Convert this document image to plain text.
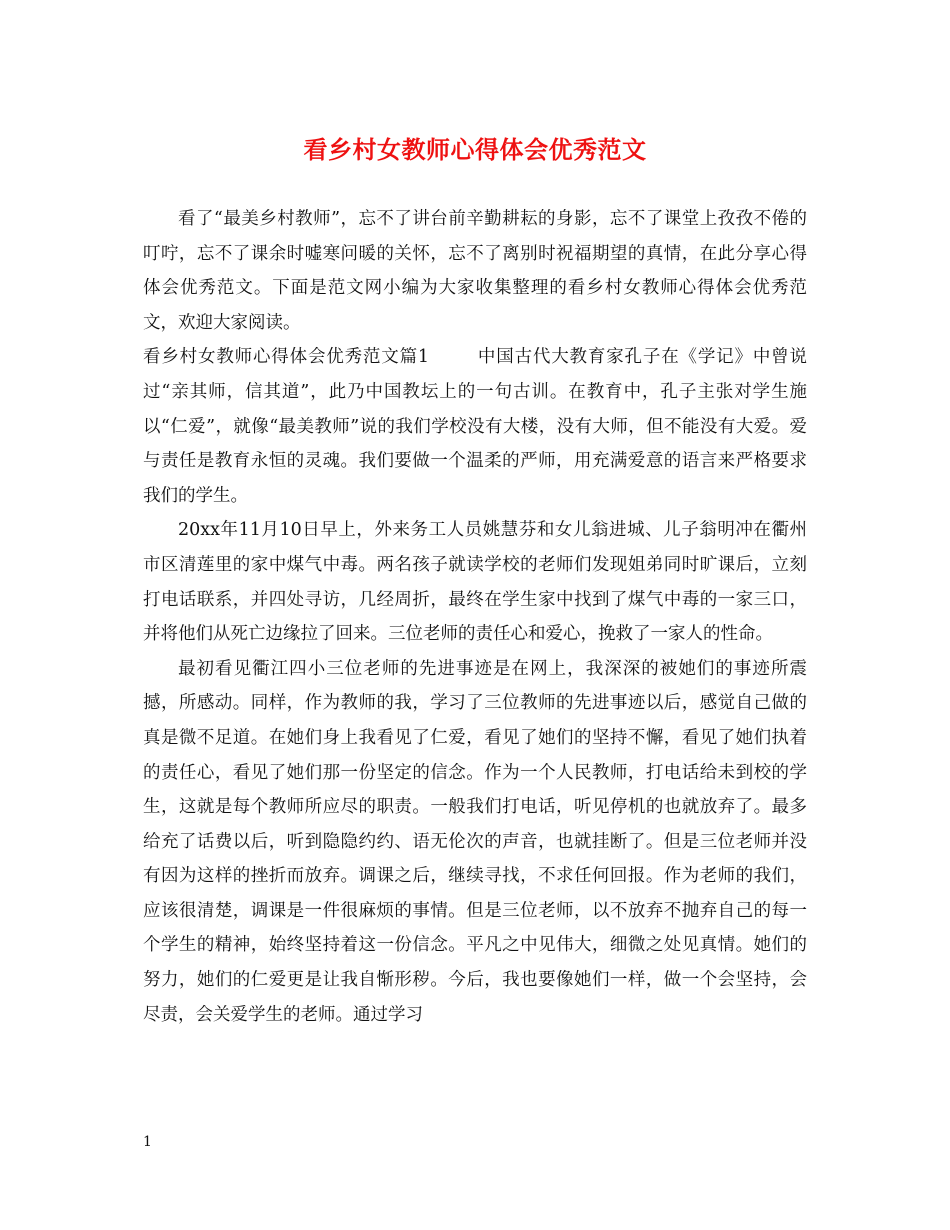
看乡村女教师心得体会优秀范文

看了“最美乡村教师”，忘不了讲台前辛勤耕耘的身影，忘不了课堂上孜孜不倦的叮咛，忘不了课余时嘘寒问暖的关怀，忘不了离别时祝福期望的真情，在此分享心得体会优秀范文。下面是范文网小编为大家收集整理的看乡村女教师心得体会优秀范文，欢迎大家阅读。

看乡村女教师心得体会优秀范文篇1	中国古代大教育家孔子在《学记》中曾说过“亲其师，信其道”，此乃中国教坛上的一句古训。在教育中，孔子主张对学生施以“仁爱”，就像“最美教师”说的我们学校没有大楼，没有大师，但不能没有大爱。爱与责任是教育永恒的灵魂。我们要做一个温柔的严师，用充满爱意的语言来严格要求我们的学生。

20xx年11月10日早上，外来务工人员姚慧芬和女儿翁进城、儿子翁明冲在衢州市区清莲里的家中煤气中毒。两名孩子就读学校的老师们发现姐弟同时旷课后，立刻打电话联系，并四处寻访，几经周折，最终在学生家中找到了煤气中毒的一家三口，并将他们从死亡边缘拉了回来。三位老师的责任心和爱心，挽救了一家人的性命。

最初看见衢江四小三位老师的先进事迹是在网上，我深深的被她们的事迹所震撼，所感动。同样，作为教师的我，学习了三位教师的先进事迹以后，感觉自己做的真是微不足道。在她们身上我看见了仁爱，看见了她们的坚持不懈，看见了她们执着的责任心，看见了她们那一份坚定的信念。作为一个人民教师，打电话给未到校的学生，这就是每个教师所应尽的职责。一般我们打电话，听见停机的也就放弃了。最多给充了话费以后，听到隐隐约约、语无伦次的声音，也就挂断了。但是三位老师并没有因为这样的挫折而放弃。调课之后，继续寻找，不求任何回报。作为老师的我们，应该很清楚，调课是一件很麻烦的事情。但是三位老师，以不放弃不抛弃自己的每一个学生的精神，始终坚持着这一份信念。平凡之中见伟大，细微之处见真情。她们的努力，她们的仁爱更是让我自惭形秽。今后，我也要像她们一样，做一个会坚持，会尽责，会关爱学生的老师。通过学习

1
